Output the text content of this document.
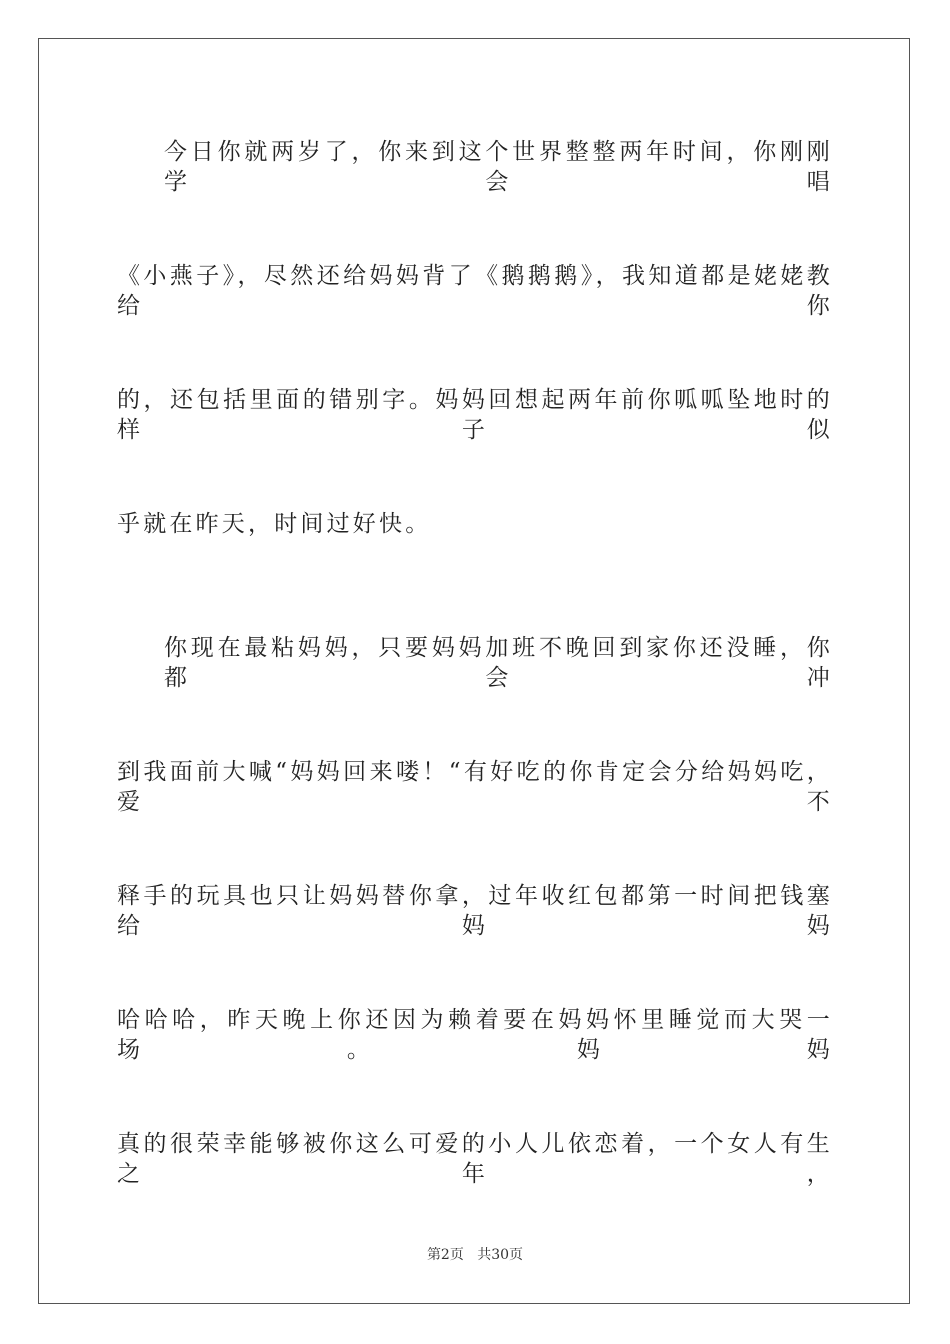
今日你就两岁了，你来到这个世界整整两年时间，你刚刚学会唱
《小燕子》，尽然还给妈妈背了《鹅鹅鹅》，我知道都是姥姥教给你
的，还包括里面的错别字。妈妈回想起两年前你呱呱坠地时的样子似
乎就在昨天，时间过好快。
你现在最粘妈妈，只要妈妈加班不晚回到家你还没睡，你都会冲
到我面前大喊“妈妈回来喽！“有好吃的你肯定会分给妈妈吃，爱不
释手的玩具也只让妈妈替你拿，过年收红包都第一时间把钱塞给妈妈
哈哈哈，昨天晚上你还因为赖着要在妈妈怀里睡觉而大哭一场。妈妈
真的很荣幸能够被你这么可爱的小人儿依恋着，一个女人有生之年，
第2页 共30页
